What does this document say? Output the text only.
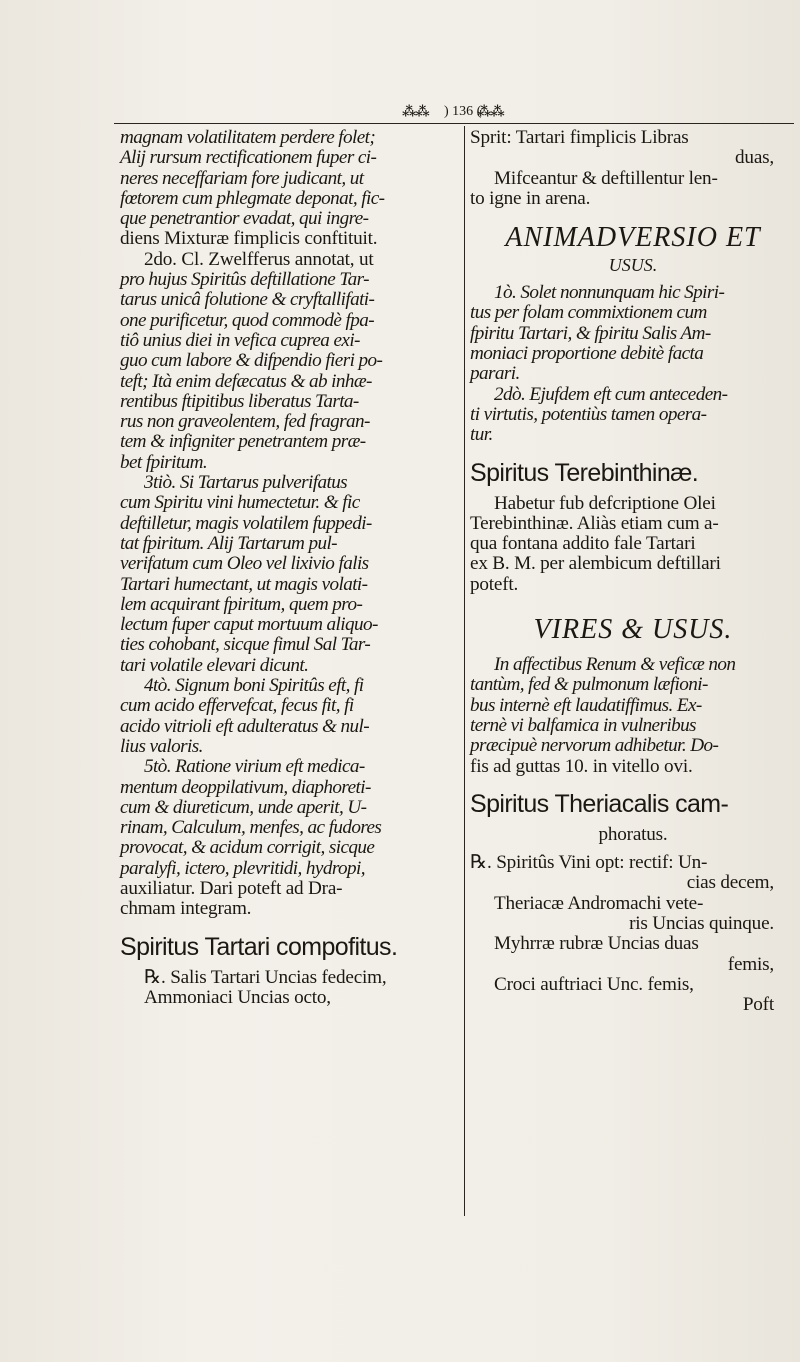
⁂⁂ ) 136 (
⁂⁂
magnam volatilitatem perdere folet;
Alij rursum rectificationem fuper ci-
neres neceffariam fore judicant, ut
fœtorem cum phlegmate deponat, fic-
que penetrantior evadat, qui ingre-
diens Mixturæ fimplicis conftituit.
2do. Cl. Zwelfferus annotat, ut
pro hujus Spiritûs deftillatione Tar-
tarus unicâ folutione & cryftallifati-
one purificetur, quod commodè fpa-
tiô unius diei in vefica cuprea exi-
guo cum labore & difpendio fieri po-
teft; Ità enim defæcatus & ab inhæ-
rentibus ftipitibus liberatus Tarta-
rus non graveolentem, fed fragran-
tem & infigniter penetrantem præ-
bet fpiritum.
3tiò. Si Tartarus pulverifatus
cum Spiritu vini humectetur. & fic
deftilletur, magis volatilem fuppedi-
tat fpiritum. Alij Tartarum pul-
verifatum cum Oleo vel lixivio falis
Tartari humectant, ut magis volati-
lem acquirant fpiritum, quem pro-
lectum fuper caput mortuum aliquo-
ties cohobant, sicque fimul Sal Tar-
tari volatile elevari dicunt.
4tò. Signum boni Spiritûs eft, fi
cum acido effervefcat, fecus fit, fi
acido vitrioli eft adulteratus & nul-
lius valoris.
5tò. Ratione virium eft medica-
mentum deoppilativum, diaphoreti-
cum & diureticum, unde aperit, U-
rinam, Calculum, menfes, ac fudores
provocat, & acidum corrigit, sicque
paralyfi, ictero, plevritidi, hydropi,
auxiliatur. Dari poteft ad Dra-
chmam integram.
Spiritus Tartari compofitus.
℞. Salis Tartari Uncias fedecim,
Ammoniaci Uncias octo,
Sprit: Tartari fimplicis Libras
duas,
Mifceantur & deftillentur len-
to igne in arena.
ANIMADVERSIO ET
USUS.
1ò. Solet nonnunquam hic Spiri-
tus per folam commixtionem cum
fpiritu Tartari, & fpiritu Salis Am-
moniaci proportione debitè facta
parari.
2dò. Ejufdem eft cum anteceden-
ti virtutis, potentiùs tamen opera-
tur.
Spiritus Terebinthinæ.
Habetur fub defcriptione Olei
Terebinthinæ. Aliàs etiam cum a-
qua fontana addito fale Tartari
ex B. M. per alembicum deftillari
poteft.
VIRES & USUS.
In affectibus Renum & veficæ non
tantùm, fed & pulmonum læfioni-
bus internè eft laudatiffimus. Ex-
ternè vi balfamica in vulneribus
præcipuè nervorum adhibetur. Do-
fis ad guttas 10. in vitello ovi.
Spiritus Theriacalis cam-
phoratus.
℞. Spiritûs Vini opt: rectif: Un-
cias decem,
Theriacæ Andromachi vete-
ris Uncias quinque.
Myhrræ rubræ Uncias duas
femis,
Croci auftriaci Unc. femis,
Poft
